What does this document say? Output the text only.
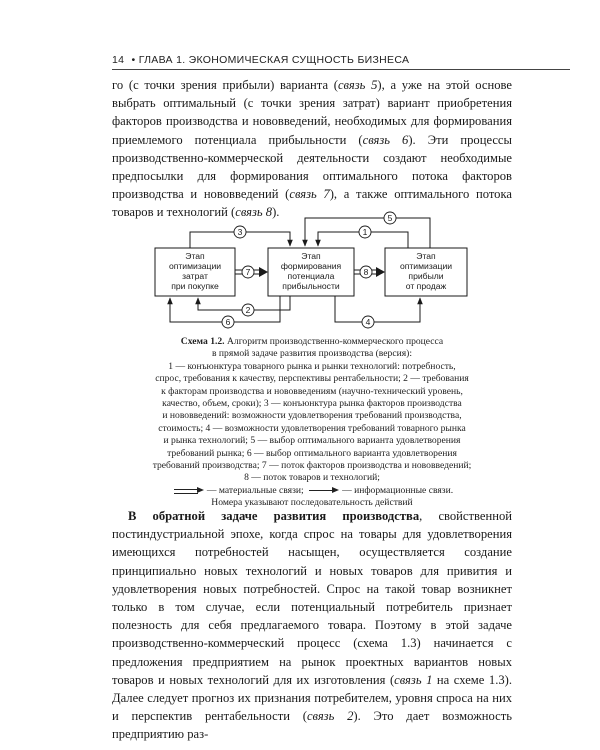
14 • ГЛАВА 1. ЭКОНОМИЧЕСКАЯ СУЩНОСТЬ БИЗНЕСА

го (с точки зрения прибыли) варианта (связь 5), а уже на этой основе выбрать оптимальный (с точки зрения затрат) вариант приобретения факторов производства и нововведений, необходимых для формирования приемлемого потенциала прибыльности (связь 6). Эти процессы производственно-коммерческой деятельности создают необходимые предпосылки для формирования оптимального потока факторов производства и нововведений (связь 7), а также оптимального потока товаров и технологий (связь 8).

1
2
3
4
5
6
7	8
Этап
оптимизации
затрат
при покупке
Этап
формирования
потенциала
прибыльности
Этап
оптимизации
прибыли
от продаж
Схема 1.2. Алгоритм производственно-коммерческого процесса
в прямой задаче развития производства (версия):
1 — конъюнктура товарного рынка и рынки технологий: потребность,
спрос, требования к качеству, перспективы рентабельности; 2 — требования
к факторам производства и нововведениям (научно-технический уровень,
качество, объем, сроки); 3 — конъюнктура рынка факторов производства
и нововведений: возможности удовлетворения требований производства,
стоимость; 4 — возможности удовлетворения требований товарного рынка
и рынка технологий; 5 — выбор оптимального варианта удовлетворения
требований рынка; 6 — выбор оптимального варианта удовлетворения
требований производства; 7 — поток факторов производства и нововведений;
8 — поток товаров и технологий;
— материальные связи;	— информационные связи.
Номера указывают последовательность действий

В обратной задаче развития производства, свойственной постиндустриальной эпохе, когда спрос на товары для удовлетворения имеющихся потребностей насыщен, осуществляется создание принципиально новых технологий и новых товаров для привития и удовлетворения новых потребностей. Спрос на такой товар возникнет только в том случае, если потенциальный потребитель признает полезность для себя предлагаемого товара. Поэтому в этой задаче производственно-коммерческий процесс (схема 1.3) начинается с предложения предприятием на рынок проектных вариантов новых товаров и новых технологий для их изготовления (связь 1 на схеме 1.3). Далее следует прогноз их признания потребителем, уровня спроса на них и перспектив рентабельности (связь 2). Это дает возможность предприятию раз-
